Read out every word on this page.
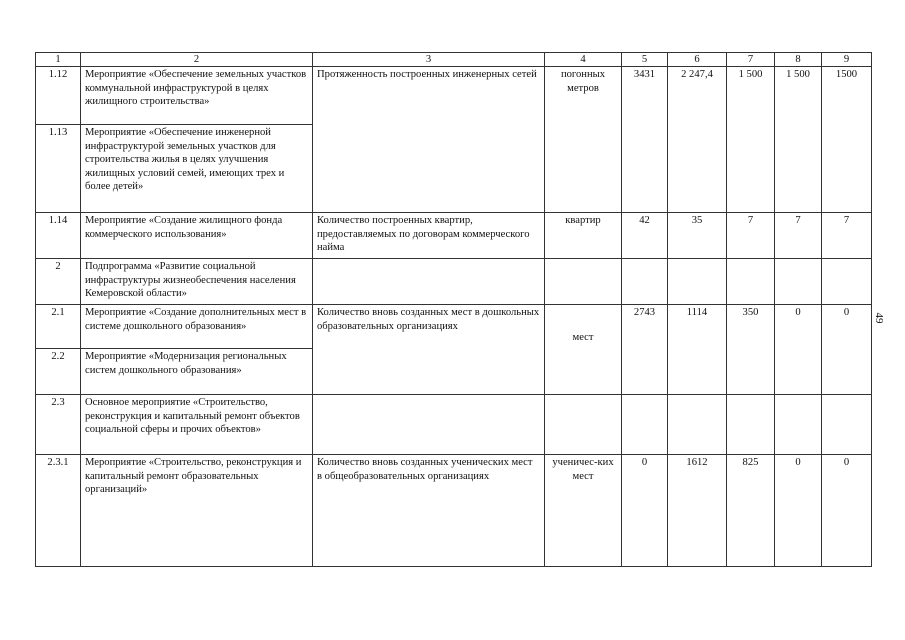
1	2	3	4	5	6	7	8	9
1.12	Мероприятие «Обеспечение земельных участков коммунальной инфраструктурой в целях жилищного строительства»	Протяженность построенных инженерных сетей	погонных метров	3431	2 247,4	1 500	1 500	1500
1.13	Мероприятие «Обеспечение инженерной инфраструктурой земельных участков для строительства жилья в целях улучшения жилищных условий семей, имеющих трех и более детей»							
1.14	Мероприятие «Создание жилищного фонда коммерческого использования»	Количество построенных квартир, предоставляемых по договорам коммерческого найма	квартир	42	35	7	7	7
2	Подпрограмма «Развитие социальной инфраструктуры жизнеобеспечения населения Кемеровской области»							
2.1	Мероприятие «Создание дополнительных мест в системе дошкольного образования»	Количество вновь созданных мест в дошкольных образовательных организациях	мест	2743	1114	350	0	0
2.2	Мероприятие «Модернизация региональных систем дошкольного образования»							
2.3	Основное мероприятие «Строительство, реконструкция и капитальный ремонт объектов социальной сферы и прочих объектов»							
2.3.1	Мероприятие «Строительство, реконструкция и капитальный ремонт образовательных организаций»	Количество вновь созданных ученических мест в общеобразовательных организациях	ученичес-ких мест	0	1612	825	0	0
49
